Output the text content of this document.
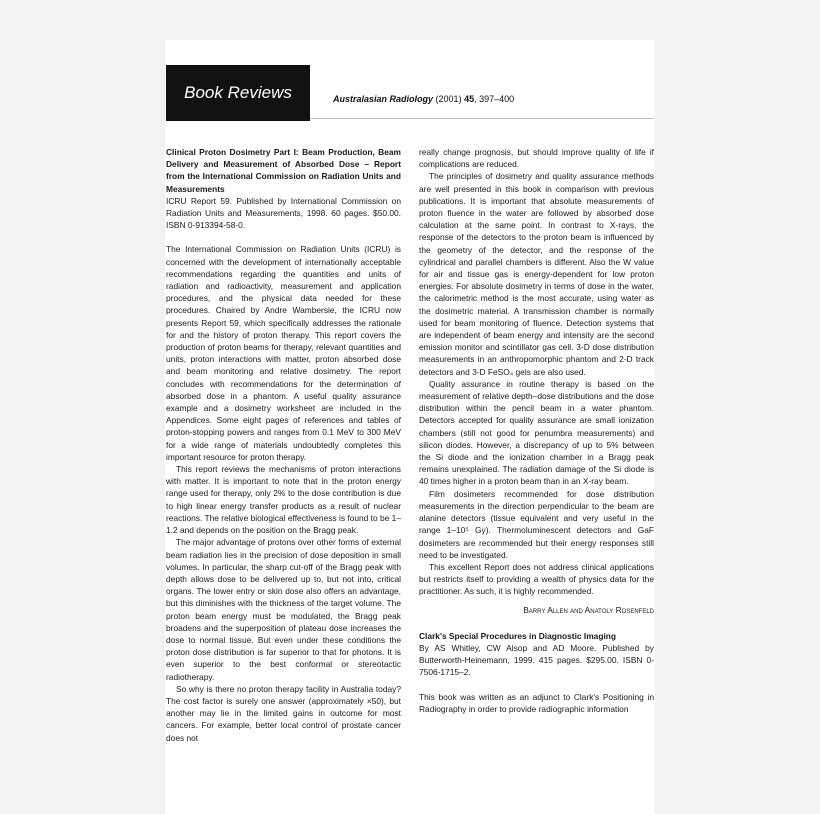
Book Reviews	Australasian Radiology (2001) 45, 397–400

Clinical Proton Dosimetry Part I: Beam Production, Beam Delivery and Measurement of Absorbed Dose – Report from the International Commission on Radiation Units and Measurements

ICRU Report 59. Published by International Commission on Radiation Units and Measurements, 1998. 60 pages. $50.00. ISBN 0-913394-58-0.

The International Commission on Radiation Units (ICRU) is concerned with the development of internationally acceptable recommendations regarding the quantities and units of radiation and radioactivity, measurement and application procedures, and the physical data needed for these procedures. Chaired by Andre Wambersie, the ICRU now presents Report 59, which specifically addresses the rationale for and the history of proton therapy. This report covers the production of proton beams for therapy, relevant quantities and units, proton interactions with matter, proton absorbed dose and beam monitoring and relative dosimetry. The report concludes with recommendations for the determination of absorbed dose in a phantom. A useful quality assurance example and a dosimetry worksheet are included in the Appendices. Some eight pages of references and tables of proton-stopping powers and ranges from 0.1 MeV to 300 MeV for a wide range of materials undoubtedly completes this important resource for proton therapy.

This report reviews the mechanisms of proton interactions with matter. It is important to note that in the proton energy range used for therapy, only 2% to the dose contribution is due to high linear energy transfer products as a result of nuclear reactions. The relative biological effectiveness is found to be 1–1.2 and depends on the position on the Bragg peak.

The major advantage of protons over other forms of external beam radiation lies in the precision of dose deposition in small volumes. In particular, the sharp cut-off of the Bragg peak with depth allows dose to be delivered up to, but not into, critical organs. The lower entry or skin dose also offers an advantage, but this diminishes with the thickness of the target volume. The proton beam energy must be modulated, the Bragg peak broadens and the superposition of plateau dose increases the dose to normal tissue. But even under these conditions the proton dose distribution is far superior to that for photons. It is even superior to the best conformal or stereotactic radiotherapy.

So why is there no proton therapy facility in Australia today? The cost factor is surely one answer (approximately ×50), but another may lie in the limited gains in outcome for most cancers. For example, better local control of prostate cancer does not

really change prognosis, but should improve quality of life if complications are reduced.

The principles of dosimetry and quality assurance methods are well presented in this book in comparison with previous publications. It is important that absolute measurements of proton fluence in the water are followed by absorbed dose calculation at the same point. In contrast to X-rays, the response of the detectors to the proton beam is influenced by the geometry of the detector, and the response of the cylindrical and parallel chambers is different. Also the W value for air and tissue gas is energy-dependent for low proton energies. For absolute dosimetry in terms of dose in the water, the calorimetric method is the most accurate, using water as the dosimetric material. A transmission chamber is normally used for beam monitoring of fluence. Detection systems that are independent of beam energy and intensity are the second emission monitor and scintillator gas cell. 3-D dose distribution measurements in an anthropomorphic phantom and 2-D track detectors and 3-D FeSO₄ gels are also used.

Quality assurance in routine therapy is based on the measurement of relative depth–dose distributions and the dose distribution within the pencil beam in a water phantom. Detectors accepted for quality assurance are small ionization chambers (still not good for penumbra measurements) and silicon diodes. However, a discrepancy of up to 5% between the Si diode and the ionization chamber in a Bragg peak remains unexplained. The radiation damage of the Si diode is 40 times higher in a proton beam than in an X-ray beam.

Film dosimeters recommended for dose distribution measurements in the direction perpendicular to the beam are alanine detectors (tissue equivalent and very useful in the range 1–10⁵ Gy). Thermoluminescent detectors and GaF dosimeters are recommended but their energy responses still need to be investigated.

This excellent Report does not address clinical applications but restricts itself to providing a wealth of physics data for the practitioner. As such, it is highly recommended.

Barry Allen and Anatoly Rosenfeld

Clark's Special Procedures in Diagnostic Imaging

By AS Whitley, CW Alsop and AD Moore. Published by Butterworth-Heinemann, 1999. 415 pages. $295.00. ISBN 0-7506-1715–2.

This book was written as an adjunct to Clark's Positioning in Radiography in order to provide radiographic information
